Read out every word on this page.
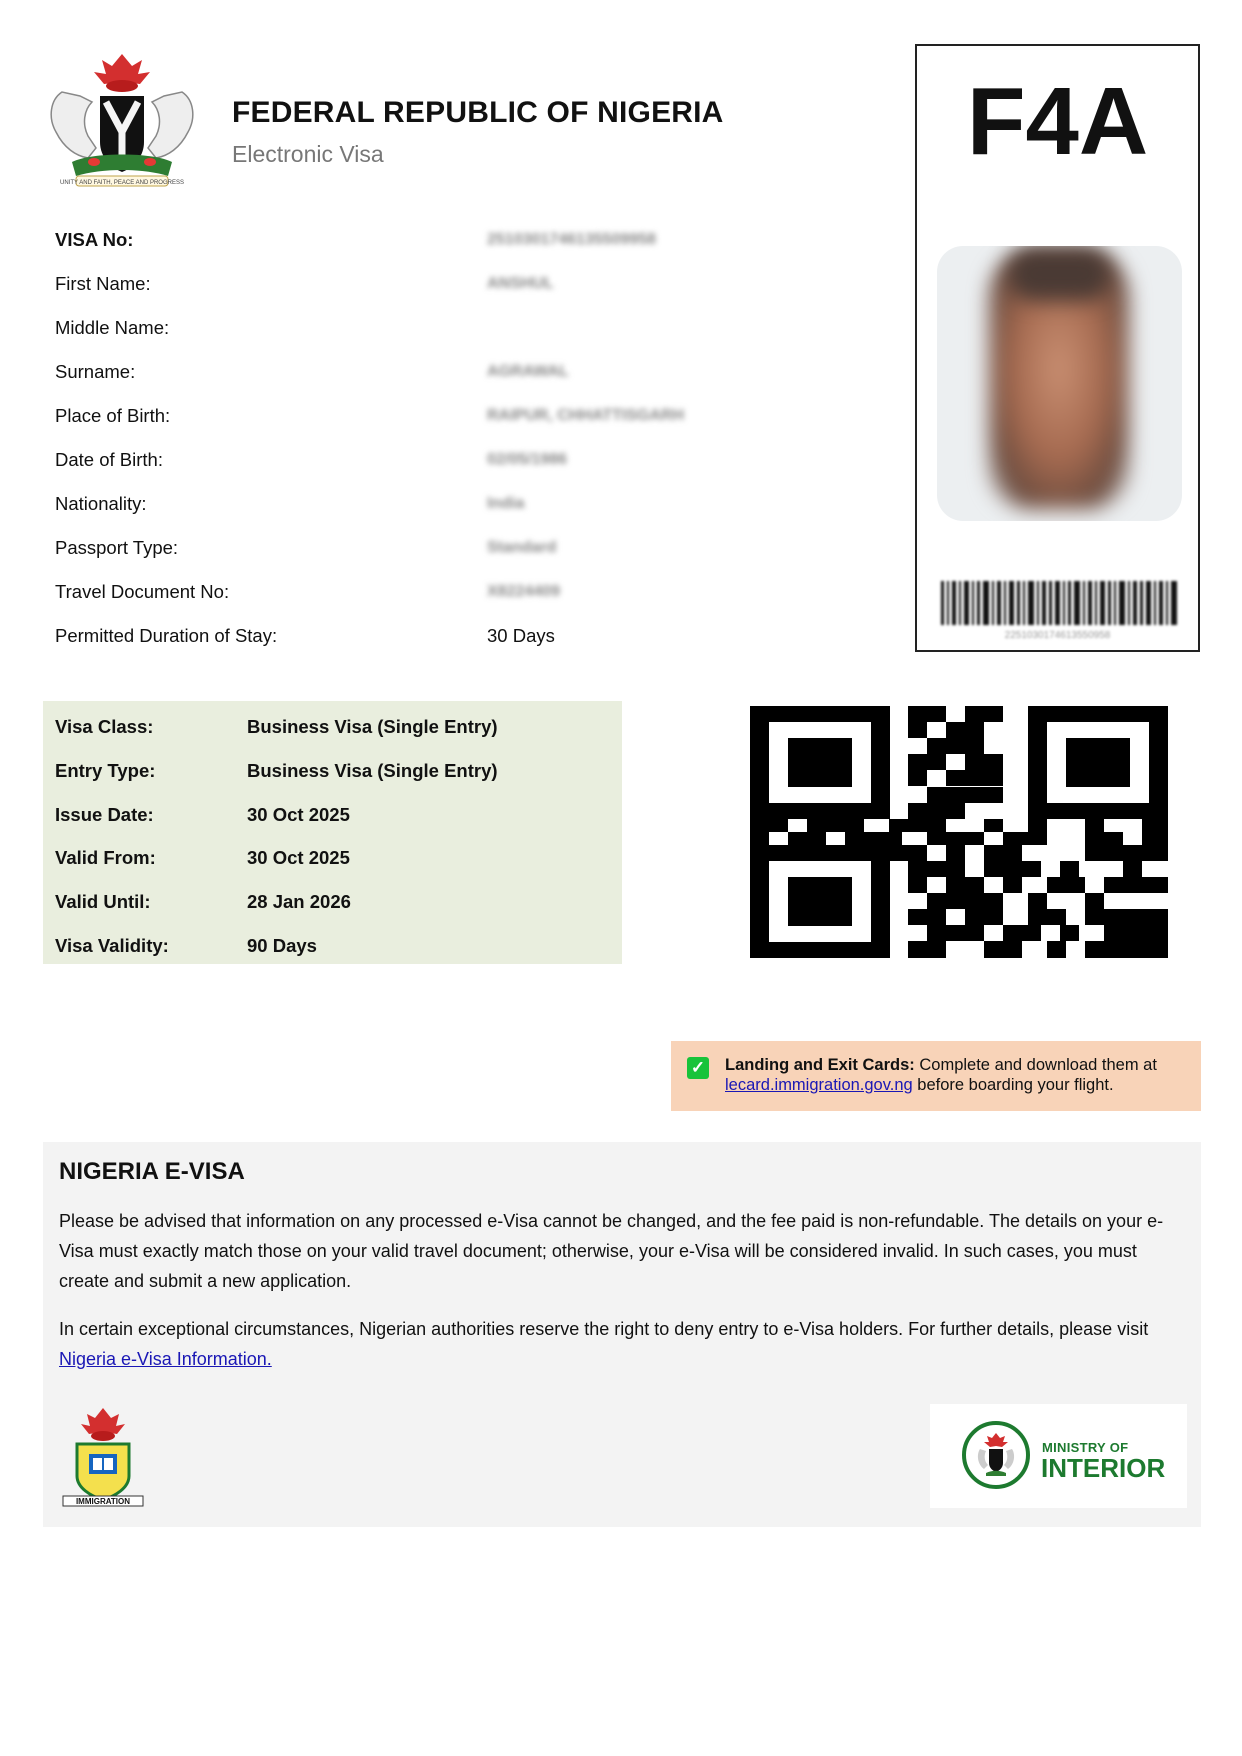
UNITY AND FAITH, PEACE AND PROGRESS
FEDERAL REPUBLIC OF NIGERIA
Electronic Visa
VISA No:	2510301746135509958
First Name:	ANSHUL
Middle Name:
Surname:	AGRAWAL
Place of Birth:	RAIPUR, CHHATTISGARH
Date of Birth:	02/05/1986
Nationality:	India
Passport Type:	Standard
Travel Document No:	X8224409
Permitted Duration of Stay:	30 Days
F4A
2251030174613550958
Visa Class:	Business Visa (Single Entry)
Entry Type:	Business Visa (Single Entry)
Issue Date:	30 Oct 2025
Valid From:	30 Oct 2025
Valid Until:	28 Jan 2026
Visa Validity:	90 Days
✓ Landing and Exit Cards: Complete and download them at lecard.immigration.gov.ng before boarding your flight.
NIGERIA E-VISA
Please be advised that information on any processed e-Visa cannot be changed, and the fee paid is non-refundable. The details on your e-Visa must exactly match those on your valid travel document; otherwise, your e-Visa will be considered invalid. In such cases, you must create and submit a new application.
In certain exceptional circumstances, Nigerian authorities reserve the right to deny entry to e-Visa holders. For further details, please visit Nigeria e-Visa Information.
IMMIGRATION
MINISTRY OF
INTERIOR
